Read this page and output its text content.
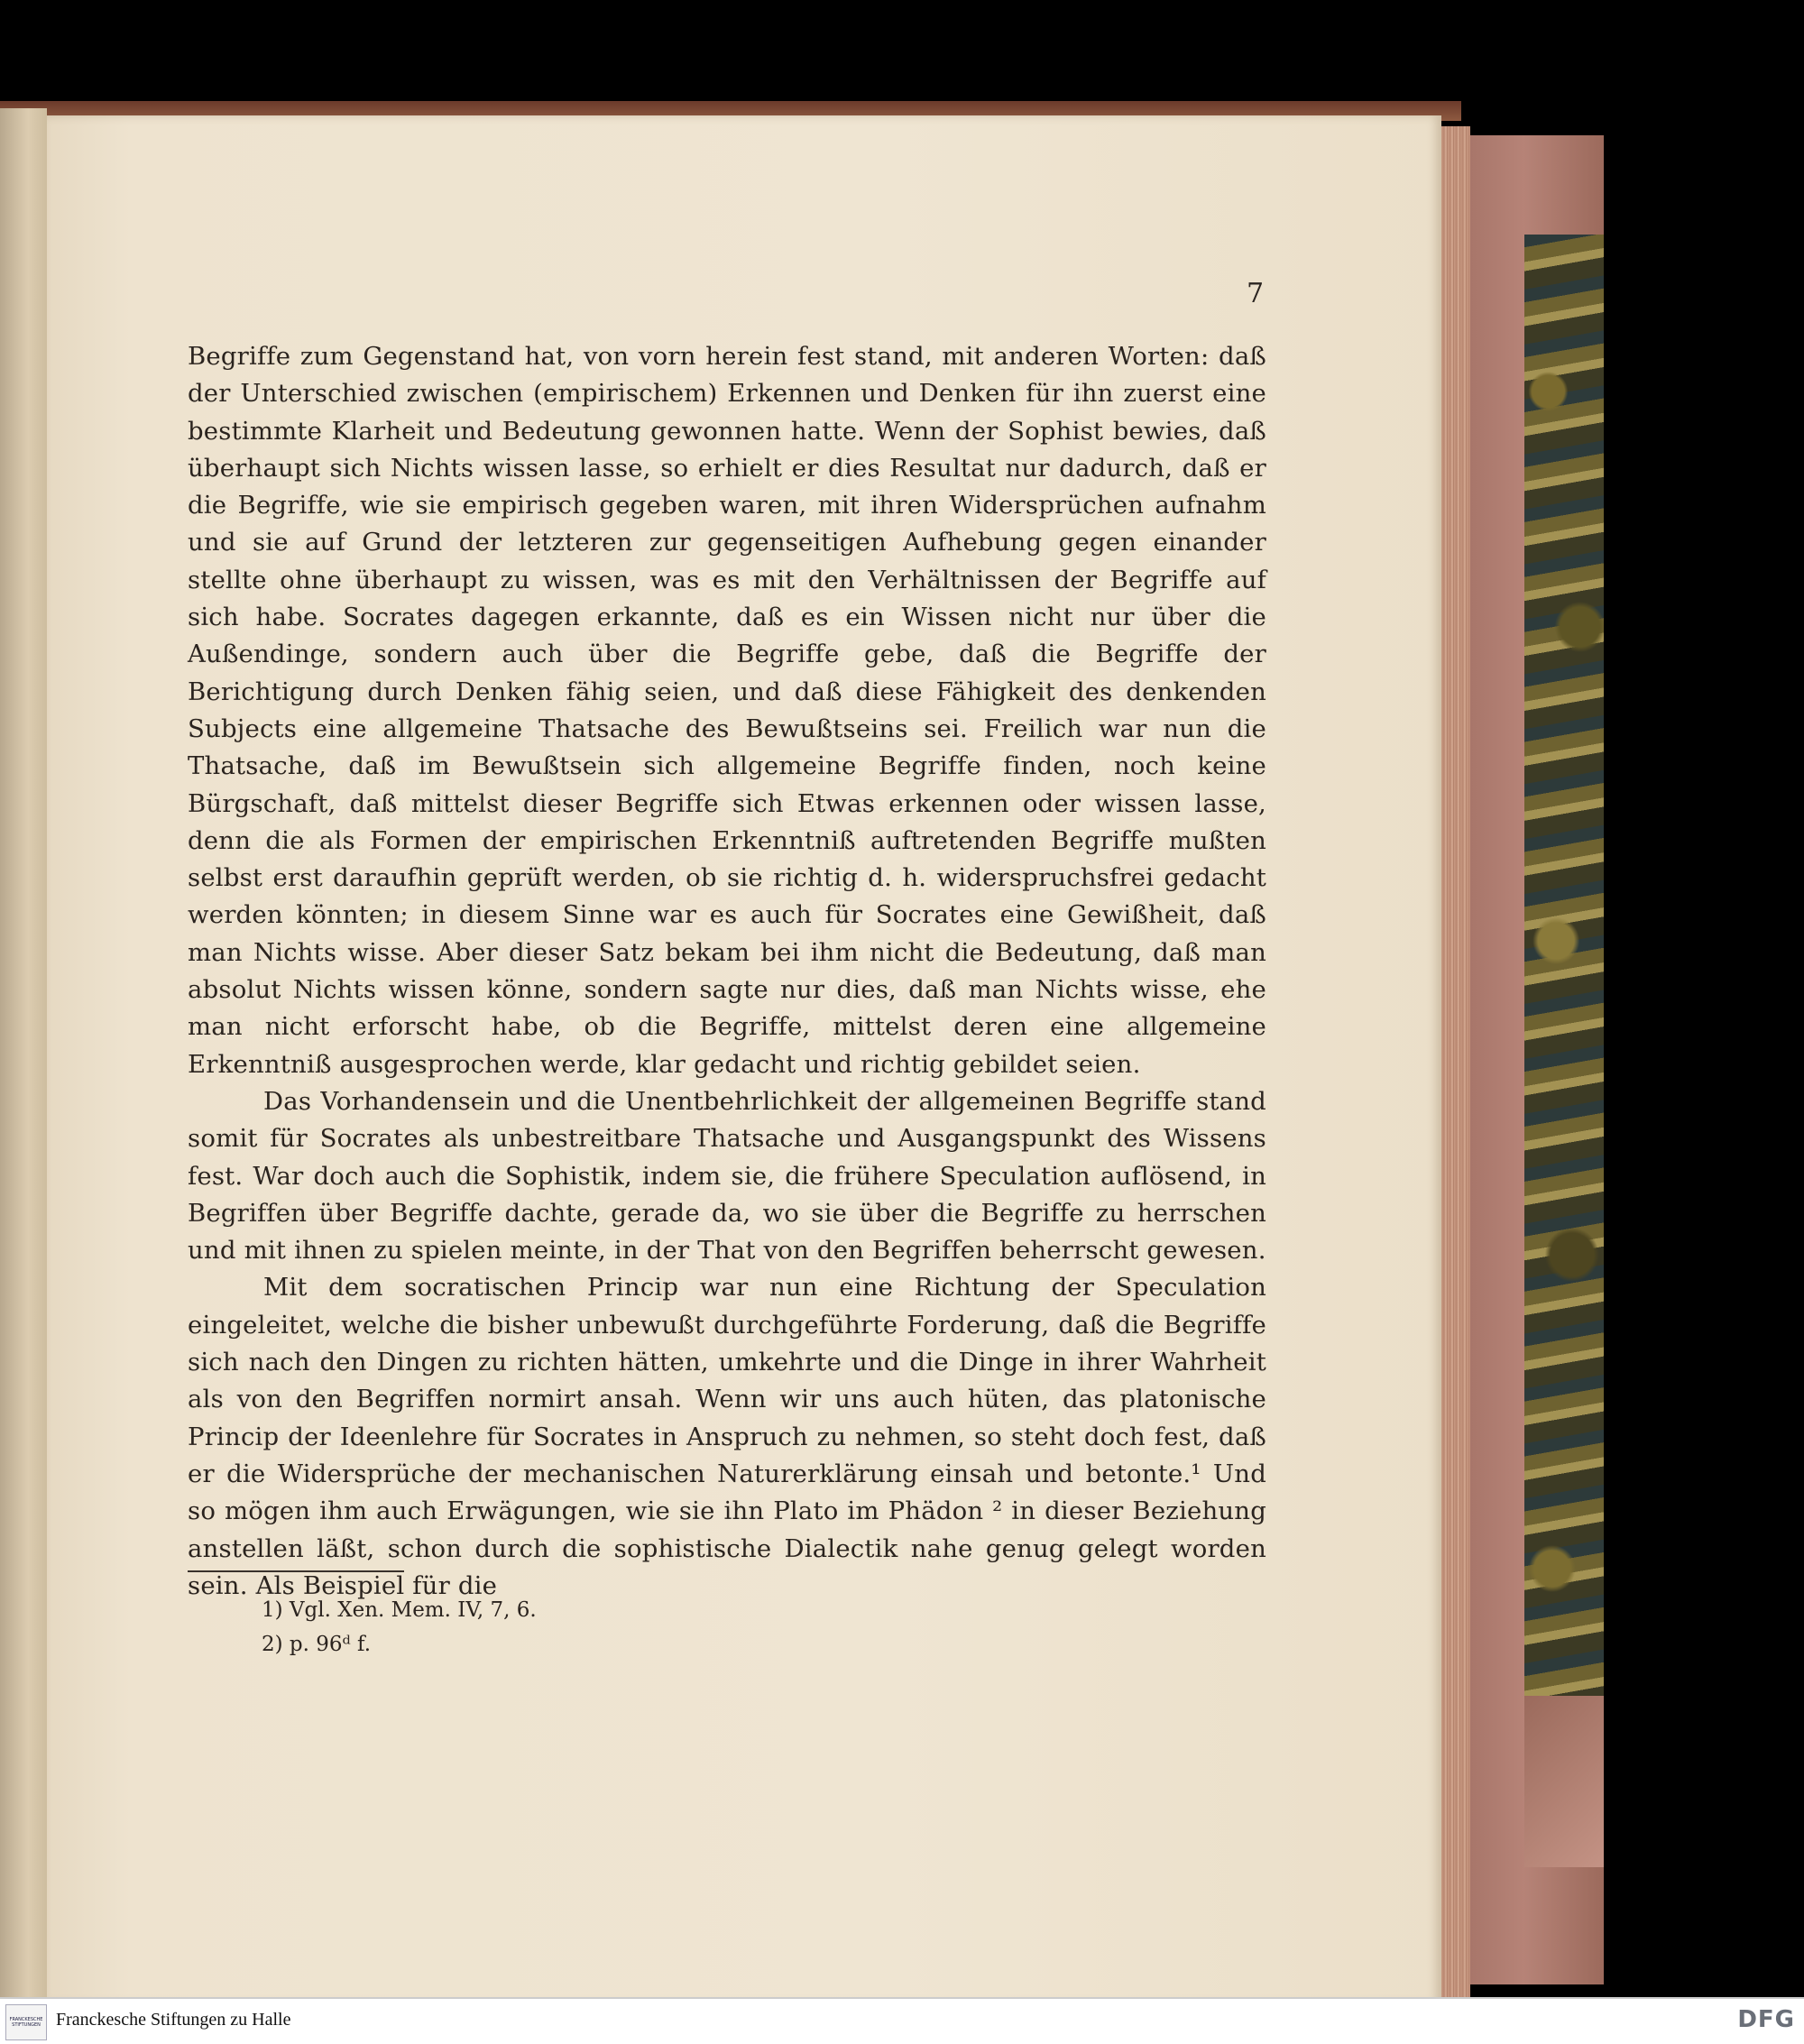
7

Begriffe zum Gegenstand hat, von vorn herein fest stand, mit anderen Worten: daß der Unterschied zwischen (empirischem) Erkennen und Denken für ihn zuerst eine bestimmte Klarheit und Bedeutung gewonnen hatte. Wenn der Sophist bewies, daß überhaupt sich Nichts wissen lasse, so erhielt er dies Resultat nur dadurch, daß er die Begriffe, wie sie empirisch gegeben waren, mit ihren Widersprüchen aufnahm und sie auf Grund der letzteren zur gegenseitigen Aufhebung gegen einander stellte ohne überhaupt zu wissen, was es mit den Verhältnissen der Begriffe auf sich habe. Socrates dagegen erkannte, daß es ein Wissen nicht nur über die Außendinge, sondern auch über die Begriffe gebe, daß die Begriffe der Berichtigung durch Denken fähig seien, und daß diese Fähigkeit des denkenden Subjects eine allgemeine Thatsache des Bewußtseins sei. Freilich war nun die Thatsache, daß im Bewußtsein sich allgemeine Begriffe finden, noch keine Bürgschaft, daß mittelst dieser Begriffe sich Etwas erkennen oder wissen lasse, denn die als Formen der empirischen Erkenntniß auftretenden Begriffe mußten selbst erst daraufhin geprüft werden, ob sie richtig d. h. widerspruchsfrei gedacht werden könnten; in diesem Sinne war es auch für Socrates eine Gewißheit, daß man Nichts wisse. Aber dieser Satz bekam bei ihm nicht die Bedeutung, daß man absolut Nichts wissen könne, sondern sagte nur dies, daß man Nichts wisse, ehe man nicht erforscht habe, ob die Begriffe, mittelst deren eine allgemeine Erkenntniß ausgesprochen werde, klar gedacht und richtig gebildet seien.

Das Vorhandensein und die Unentbehrlichkeit der allgemeinen Begriffe stand somit für Socrates als unbestreitbare Thatsache und Ausgangspunkt des Wissens fest. War doch auch die Sophistik, indem sie, die frühere Speculation auflösend, in Begriffen über Begriffe dachte, gerade da, wo sie über die Begriffe zu herrschen und mit ihnen zu spielen meinte, in der That von den Begriffen beherrscht gewesen.

Mit dem socratischen Princip war nun eine Richtung der Speculation eingeleitet, welche die bisher unbewußt durchgeführte Forderung, daß die Begriffe sich nach den Dingen zu richten hätten, umkehrte und die Dinge in ihrer Wahrheit als von den Begriffen normirt ansah. Wenn wir uns auch hüten, das platonische Princip der Ideenlehre für Socrates in Anspruch zu nehmen, so steht doch fest, daß er die Widersprüche der mechanischen Naturerklärung einsah und betonte.¹ Und so mögen ihm auch Erwägungen, wie sie ihn Plato im Phädon ² in dieser Beziehung anstellen läßt, schon durch die sophistische Dialectik nahe genug gelegt worden sein. Als Beispiel für die

1) Vgl. Xen. Mem. IV, 7, 6.
2) p. 96ᵈ f.
FRANCKESCHE STIFTUNGEN Franckesche Stiftungen zu Halle	DFG
